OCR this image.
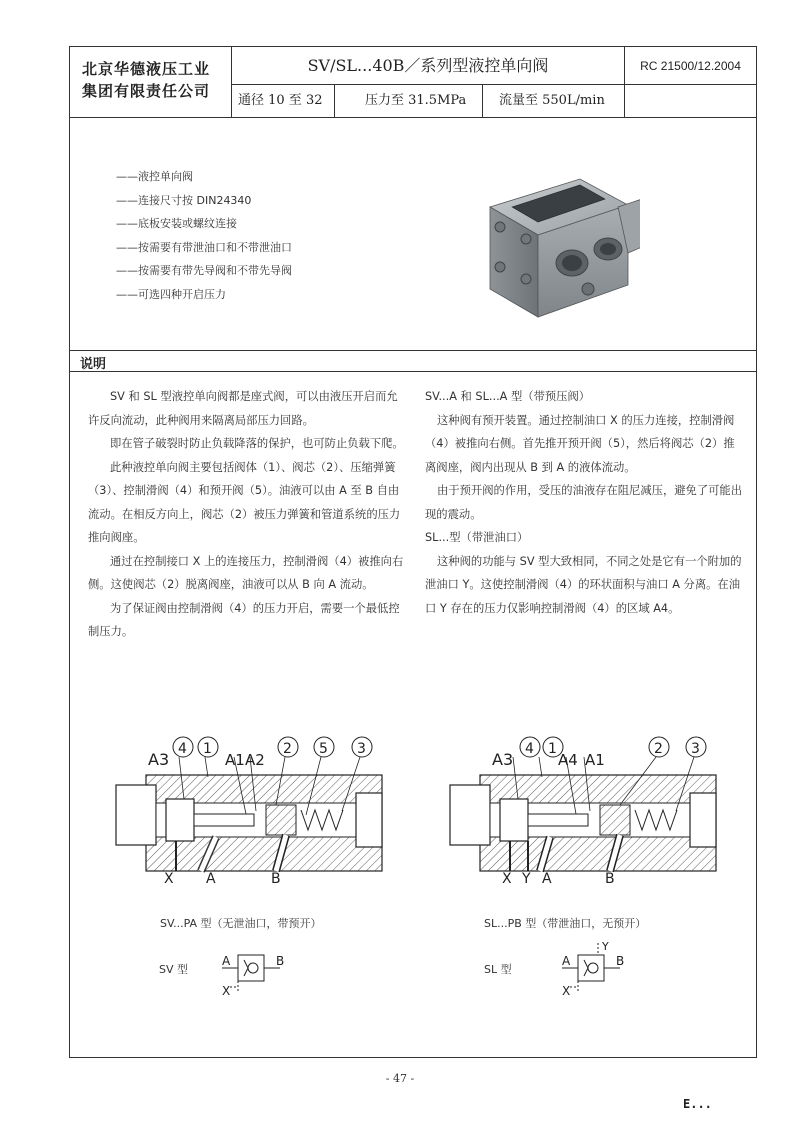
北京华德液压工业
集团有限责任公司
SV/SL...40B／系列型液控单向阀	RC 21500/12.2004
通径 10 至 32	压力至 31.5MPa	流量至 550L/min
——液控单向阀
——连接尺寸按 DIN24340
——底板安装或螺纹连接
——按需要有带泄油口和不带泄油口
——按需要有带先导阀和不带先导阀
——可选四种开启压力
说明

SV 和 SL 型液控单向阀都是座式阀，可以由液压开启而允许反向流动，此种阀用来隔离局部压力回路。

即在管子破裂时防止负载降落的保护，也可防止负载下爬。

此种液控单向阀主要包括阀体（1）、阀芯（2）、压缩弹簧（3）、控制滑阀（4）和预开阀（5）。油液可以由 A 至 B 自由流动。在相反方向上，阀芯（2）被压力弹簧和管道系统的压力推向阀座。

通过在控制接口 X 上的连接压力，控制滑阀（4）被推向右侧。这使阀芯（2）脱离阀座，油液可以从 B 向 A 流动。

为了保证阀由控制滑阀（4）的压力开启，需要一个最低控制压力。

SV...A 和 SL...A 型（带预压阀）

这种阀有预开装置。通过控制油口 X 的压力连接，控制滑阀（4）被推向右侧。首先推开预开阀（5），然后将阀芯（2）推离阀座，阀内出现从 B 到 A 的液体流动。

由于预开阀的作用，受压的油液存在阻尼减压，避免了可能出现的震动。

SL...型（带泄油口）

这种阀的功能与 SV 型大致相同，不同之处是它有一个附加的泄油口 Y。这使控制滑阀（4）的环状面积与油口 A 分离。在油口 Y 存在的压力仅影响控制滑阀（4）的区域 A4。

A3
4 1
A1 A2
2 5 3
X A	B
A3
4 1
A4 A1
2 3
X Y A	B
SV...PA 型（无泄油口，带预开）	SL...PB 型（带泄油口，无预开）
SV 型
A	B
X
SL 型
Y
A	B
X
- 47 -
E...
